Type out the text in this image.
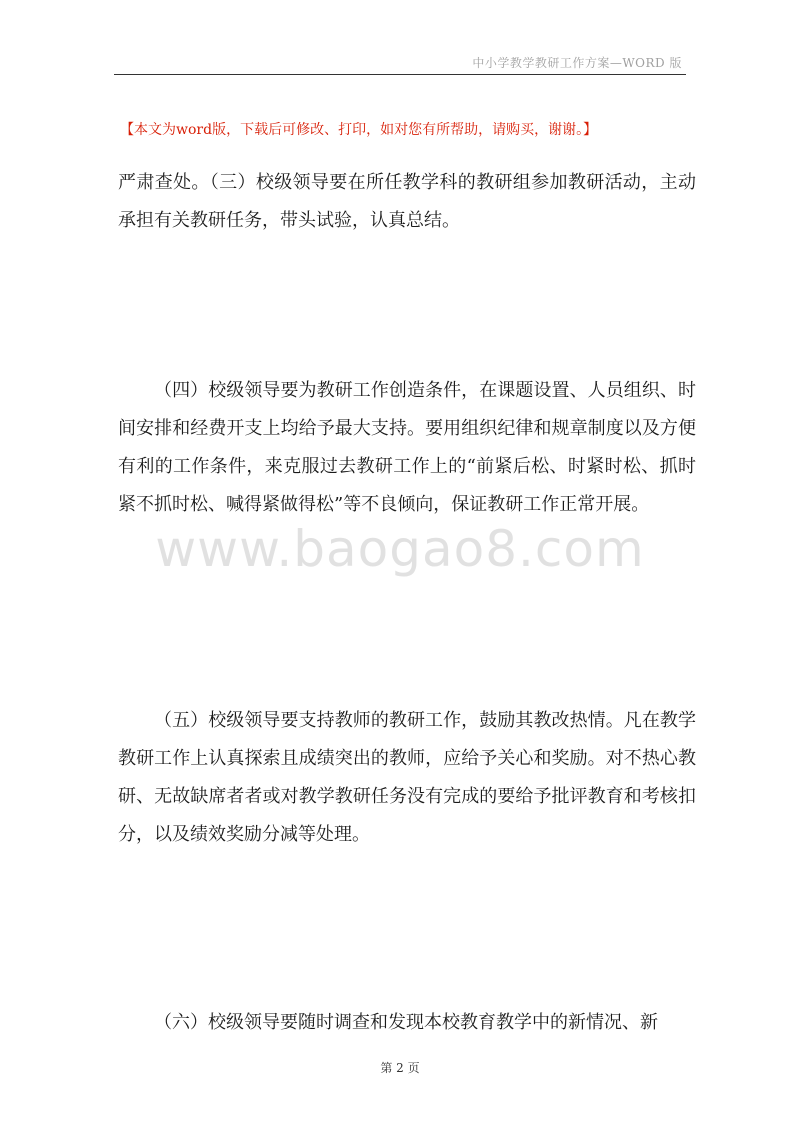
中小学教学教研工作方案—WORD 版
【本文为word版，下载后可修改、打印，如对您有所帮助，请购买，谢谢。】

严肃查处。（三）校级领导要在所任教学科的教研组参加教研活动，主动承担有关教研任务，带头试验，认真总结。

（四）校级领导要为教研工作创造条件，在课题设置、人员组织、时间安排和经费开支上均给予最大支持。要用组织纪律和规章制度以及方便有利的工作条件，来克服过去教研工作上的“前紧后松、时紧时松、抓时紧不抓时松、喊得紧做得松”等不良倾向，保证教研工作正常开展。

（五）校级领导要支持教师的教研工作，鼓励其教改热情。凡在教学教研工作上认真探索且成绩突出的教师，应给予关心和奖励。对不热心教研、无故缺席者者或对教学教研任务没有完成的要给予批评教育和考核扣分，以及绩效奖励分减等处理。

（六）校级领导要随时调查和发现本校教育教学中的新情况、新

www.baogao8.com
第 2 页
